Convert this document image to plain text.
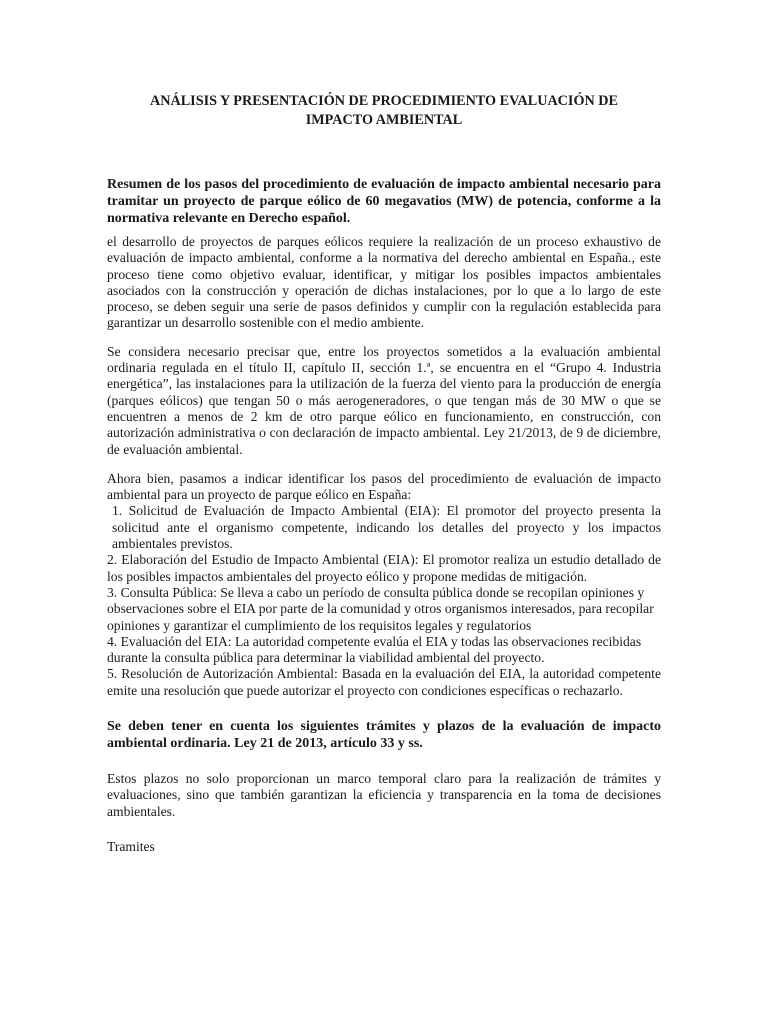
ANÁLISIS Y PRESENTACIÓN DE PROCEDIMIENTO EVALUACIÓN DE IMPACTO AMBIENTAL

Resumen de los pasos del procedimiento de evaluación de impacto ambiental necesario para tramitar un proyecto de parque eólico de 60 megavatios (MW) de potencia, conforme a la normativa relevante en Derecho español.

el desarrollo de proyectos de parques eólicos requiere la realización de un proceso exhaustivo de evaluación de impacto ambiental, conforme a la normativa del derecho ambiental en España., este proceso tiene como objetivo evaluar, identificar, y mitigar los posibles impactos ambientales asociados con la construcción y operación de dichas instalaciones, por lo que a lo largo de este proceso, se deben seguir una serie de pasos definidos y cumplir con la regulación establecida para garantizar un desarrollo sostenible con el medio ambiente.

Se considera necesario precisar que, entre los proyectos sometidos a la evaluación ambiental ordinaria regulada en el título II, capítulo II, sección 1.ª, se encuentra en el “Grupo 4. Industria energética”, las instalaciones para la utilización de la fuerza del viento para la producción de energía (parques eólicos) que tengan 50 o más aerogeneradores, o que tengan más de 30 MW o que se encuentren a menos de 2 km de otro parque eólico en funcionamiento, en construcción, con autorización administrativa o con declaración de impacto ambiental. Ley 21/2013, de 9 de diciembre, de evaluación ambiental.

Ahora bien, pasamos a indicar identificar los pasos del procedimiento de evaluación de impacto ambiental para un proyecto de parque eólico en España:

1. Solicitud de Evaluación de Impacto Ambiental (EIA): El promotor del proyecto presenta la solicitud ante el organismo competente, indicando los detalles del proyecto y los impactos ambientales previstos.

2. Elaboración del Estudio de Impacto Ambiental (EIA): El promotor realiza un estudio detallado de los posibles impactos ambientales del proyecto eólico y propone medidas de mitigación.

3. Consulta Pública: Se lleva a cabo un período de consulta pública donde se recopilan opiniones y observaciones sobre el EIA por parte de la comunidad y otros organismos interesados, para recopilar opiniones y garantizar el cumplimiento de los requisitos legales y regulatorios

4. Evaluación del EIA: La autoridad competente evalúa el EIA y todas las observaciones recibidas durante la consulta pública para determinar la viabilidad ambiental del proyecto.

5. Resolución de Autorización Ambiental: Basada en la evaluación del EIA, la autoridad competente emite una resolución que puede autorizar el proyecto con condiciones específicas o rechazarlo.

Se deben tener en cuenta los siguientes trámites y plazos de la evaluación de impacto ambiental ordinaria. Ley 21 de 2013, artículo 33 y ss.

Estos plazos no solo proporcionan un marco temporal claro para la realización de trámites y evaluaciones, sino que también garantizan la eficiencia y transparencia en la toma de decisiones ambientales.

Tramites
